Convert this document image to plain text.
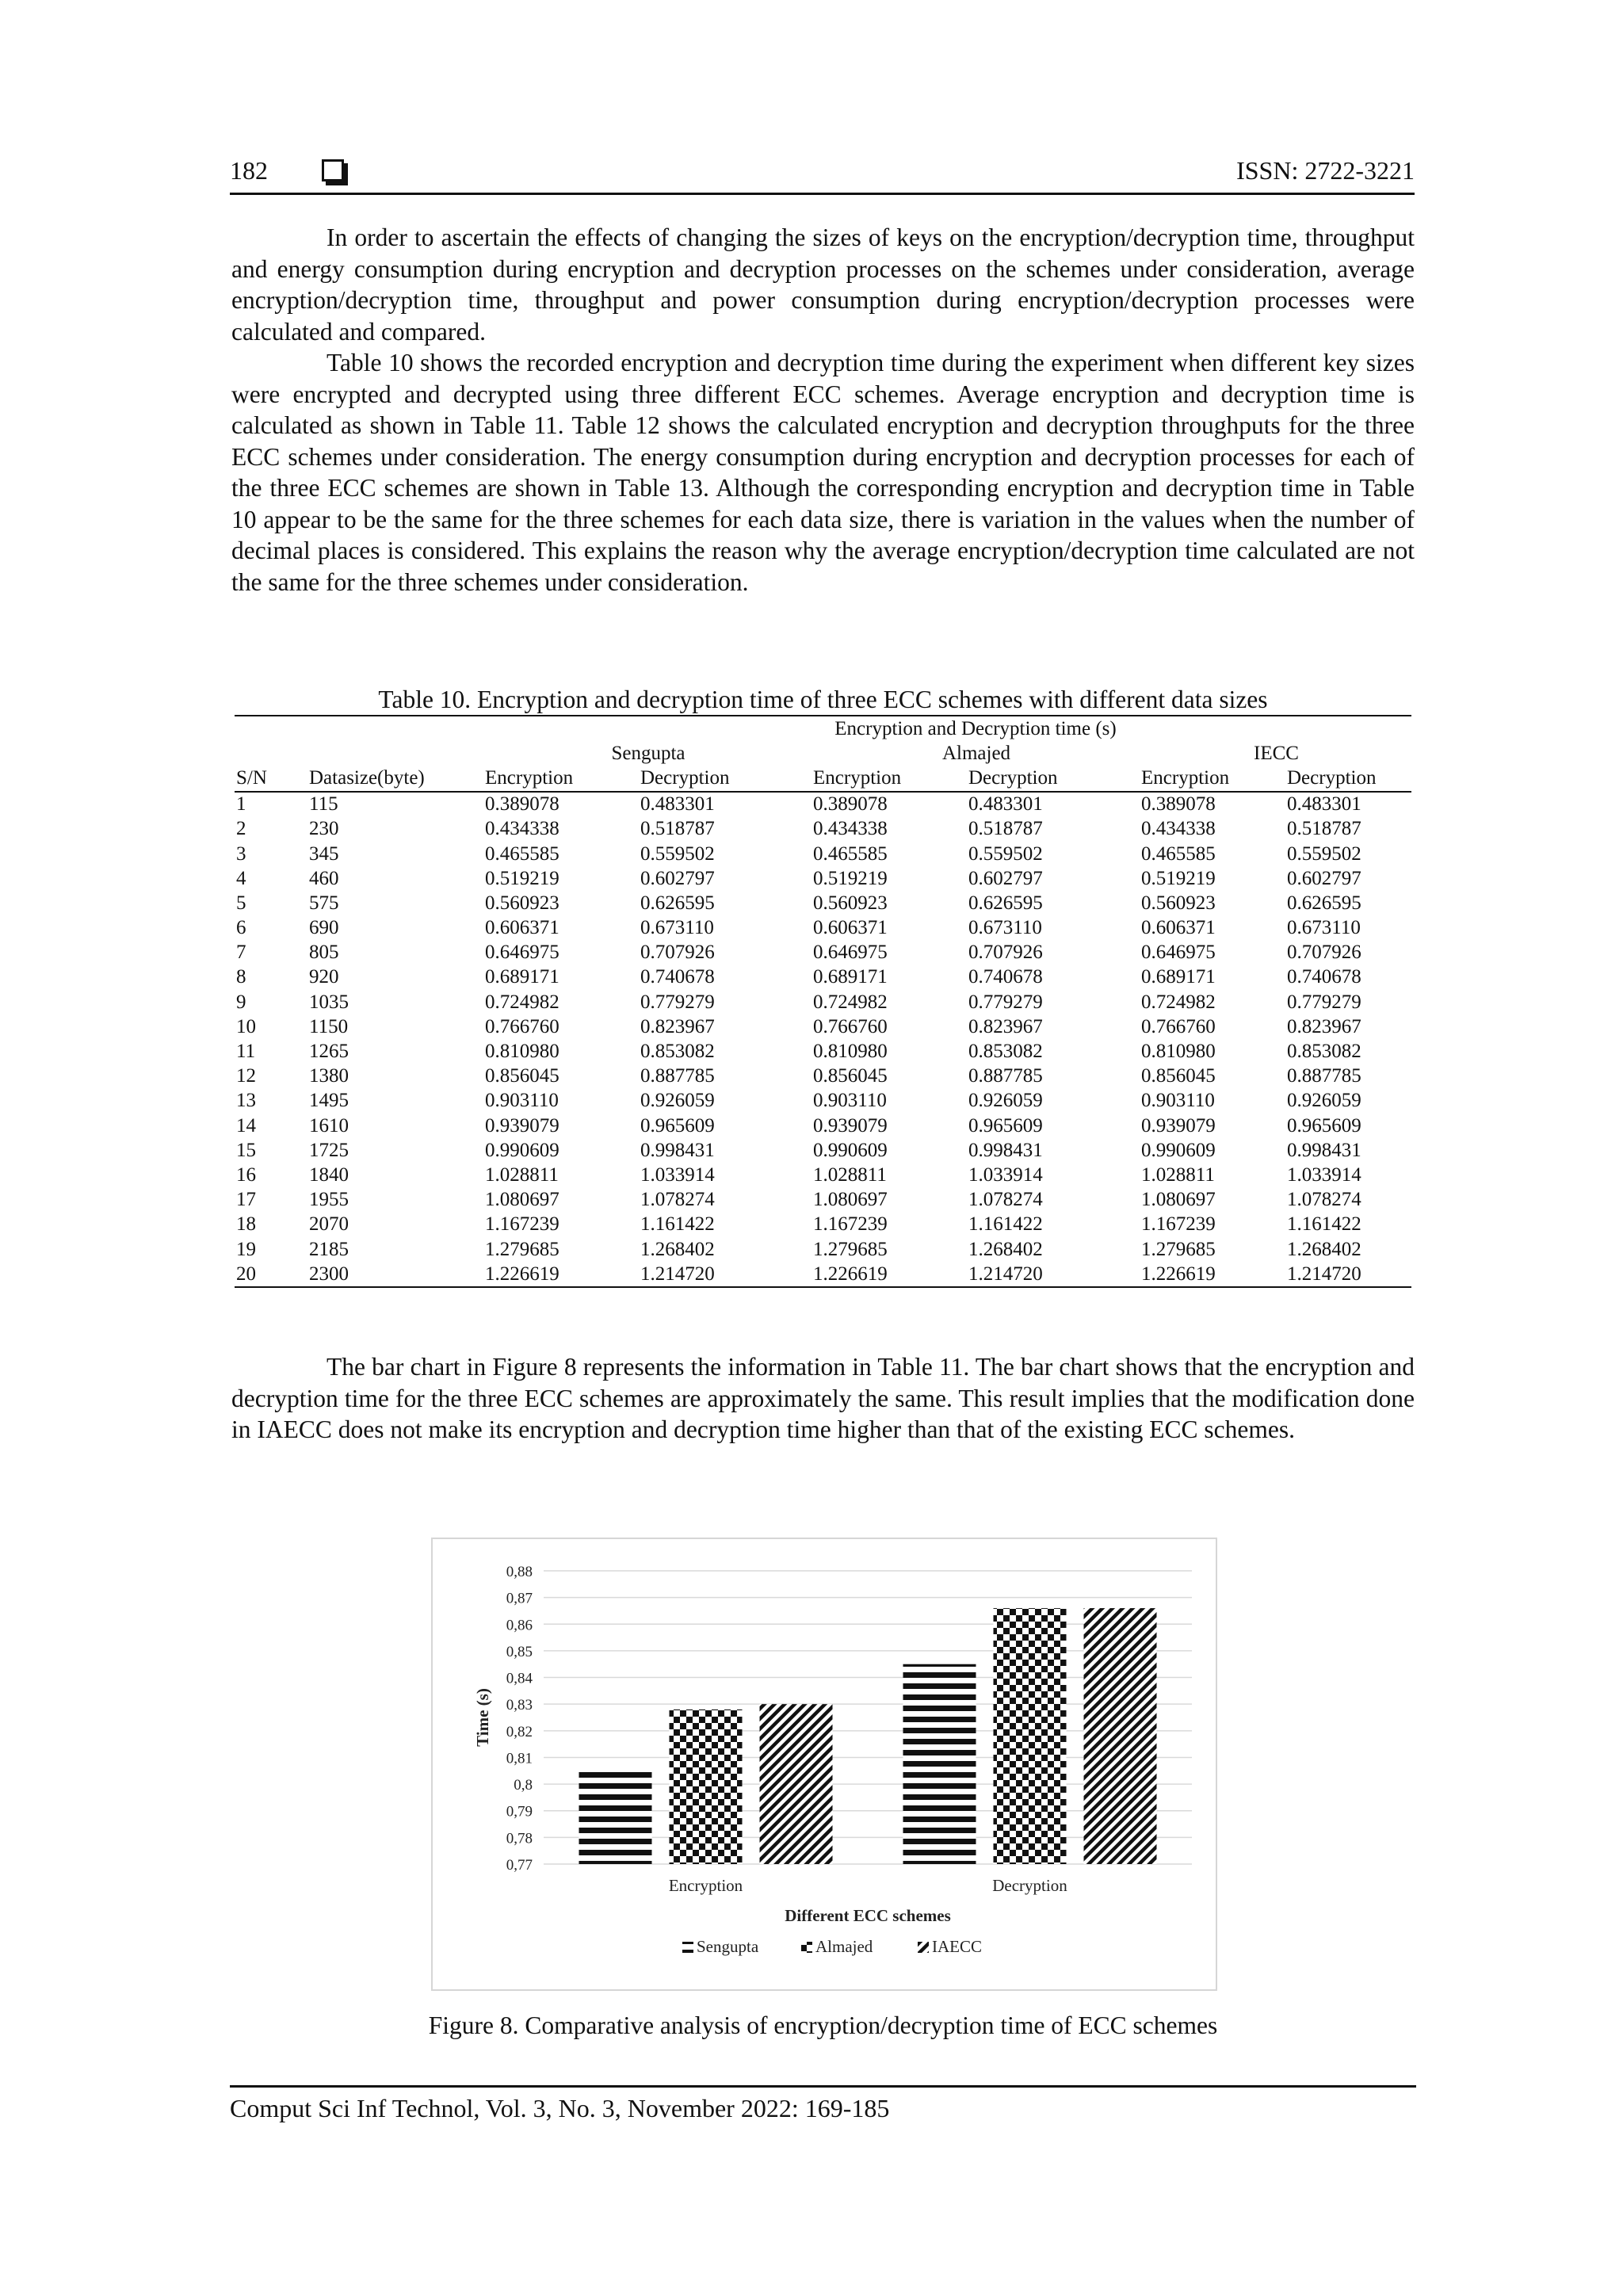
182	ISSN: 2722-3221

In order to ascertain the effects of changing the sizes of keys on the encryption/decryption time, throughput and energy consumption during encryption and decryption processes on the schemes under consideration, average encryption/decryption time, throughput and power consumption during encryption/decryption processes were calculated and compared.

Table 10 shows the recorded encryption and decryption time during the experiment when different key sizes were encrypted and decrypted using three different ECC schemes. Average encryption and decryption time is calculated as shown in Table 11. Table 12 shows the calculated encryption and decryption throughputs for the three ECC schemes under consideration. The energy consumption during encryption and decryption processes for each of the three ECC schemes are shown in Table 13. Although the corresponding encryption and decryption time in Table 10 appear to be the same for the three schemes for each data size, there is variation in the values when the number of decimal places is considered. This explains the reason why the average encryption/decryption time calculated are not the same for the three schemes under consideration.

Table 10. Encryption and decryption time of three ECC schemes with different data sizes

				Encryption and Decryption time (s)			

		Sengupta		Almajed		IECC	
S/N	Datasize(byte)	Encryption	Decryption	Encryption	Decryption	Encryption	Decryption
1	115	0.389078	0.483301	0.389078	0.483301	0.389078	0.483301
2	230	0.434338	0.518787	0.434338	0.518787	0.434338	0.518787
3	345	0.465585	0.559502	0.465585	0.559502	0.465585	0.559502
4	460	0.519219	0.602797	0.519219	0.602797	0.519219	0.602797
5	575	0.560923	0.626595	0.560923	0.626595	0.560923	0.626595
6	690	0.606371	0.673110	0.606371	0.673110	0.606371	0.673110
7	805	0.646975	0.707926	0.646975	0.707926	0.646975	0.707926
8	920	0.689171	0.740678	0.689171	0.740678	0.689171	0.740678
9	1035	0.724982	0.779279	0.724982	0.779279	0.724982	0.779279
10	1150	0.766760	0.823967	0.766760	0.823967	0.766760	0.823967
11	1265	0.810980	0.853082	0.810980	0.853082	0.810980	0.853082
12	1380	0.856045	0.887785	0.856045	0.887785	0.856045	0.887785
13	1495	0.903110	0.926059	0.903110	0.926059	0.903110	0.926059
14	1610	0.939079	0.965609	0.939079	0.965609	0.939079	0.965609
15	1725	0.990609	0.998431	0.990609	0.998431	0.990609	0.998431
16	1840	1.028811	1.033914	1.028811	1.033914	1.028811	1.033914
17	1955	1.080697	1.078274	1.080697	1.078274	1.080697	1.078274
18	2070	1.167239	1.161422	1.167239	1.161422	1.167239	1.161422
19	2185	1.279685	1.268402	1.279685	1.268402	1.279685	1.268402
20	2300	1.226619	1.214720	1.226619	1.214720	1.226619	1.214720

The bar chart in Figure 8 represents the information in Table 11. The bar chart shows that the encryption and decryption time for the three ECC schemes are approximately the same. This result implies that the modification done in IAECC does not make its encryption and decryption time higher than that of the existing ECC schemes.

0,77
0,78
0,79
0,8
0,81
0,82
0,83
0,84
0,85
0,86
0,87
0,88
Encryption	Decryption
Time (s)
Different ECC schemes
Sengupta	Almajed	IAECC
Figure 8. Comparative analysis of encryption/decryption time of ECC schemes
Comput Sci Inf Technol, Vol. 3, No. 3, November 2022: 169-185
